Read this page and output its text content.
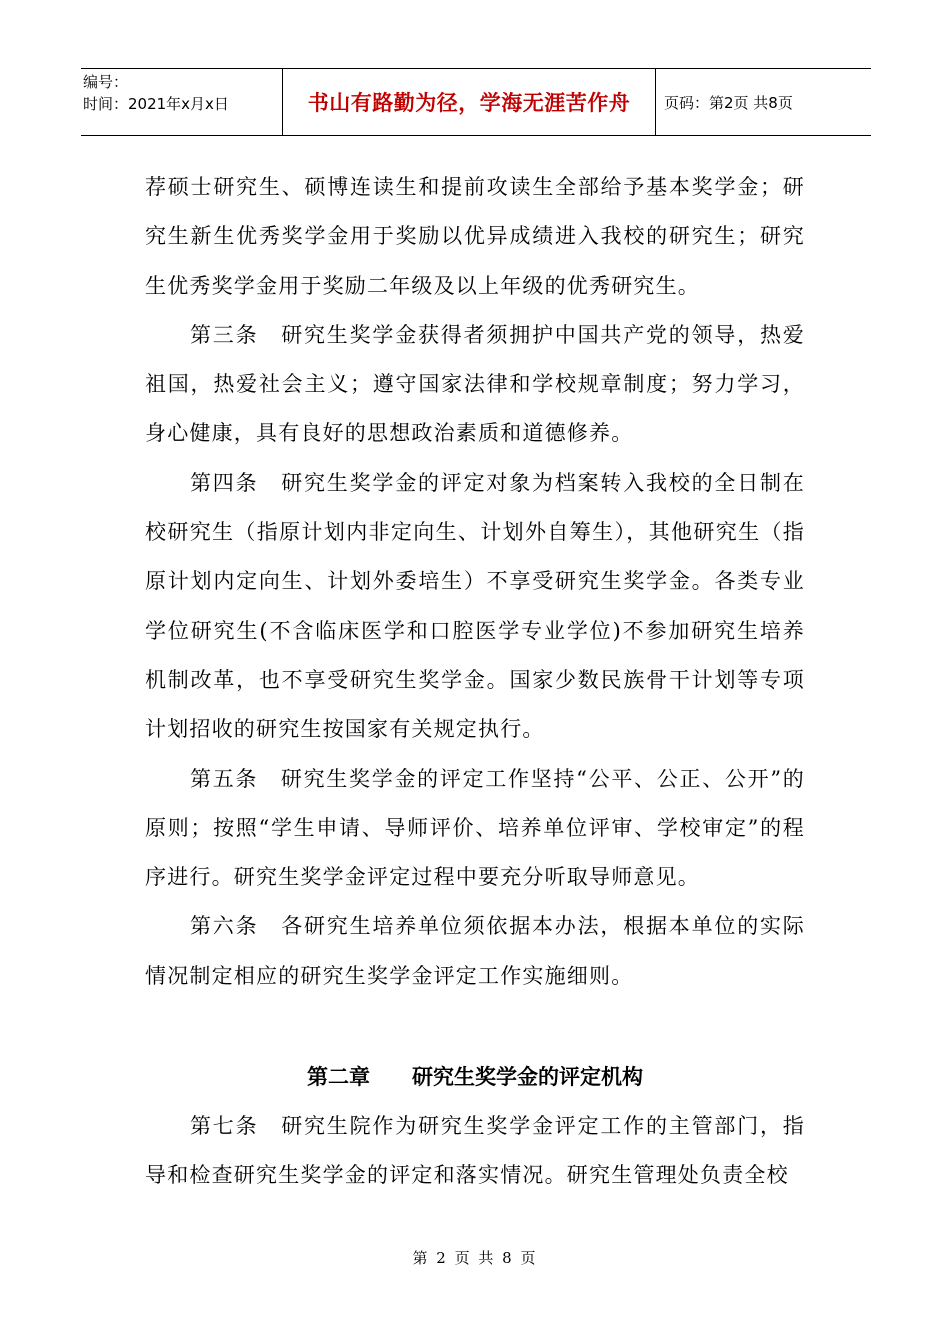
编号：
时间：2021年x月x日	书山有路勤为径，学海无涯苦作舟 页码：第2页 共8页

荐硕士研究生、硕博连读生和提前攻读生全部给予基本奖学金；研究生新生优秀奖学金用于奖励以优异成绩进入我校的研究生；研究生优秀奖学金用于奖励二年级及以上年级的优秀研究生。

第三条　研究生奖学金获得者须拥护中国共产党的领导，热爱祖国，热爱社会主义；遵守国家法律和学校规章制度；努力学习，身心健康，具有良好的思想政治素质和道德修养。

第四条　研究生奖学金的评定对象为档案转入我校的全日制在校研究生（指原计划内非定向生、计划外自筹生），其他研究生（指原计划内定向生、计划外委培生）不享受研究生奖学金。各类专业学位研究生(不含临床医学和口腔医学专业学位)不参加研究生培养机制改革，也不享受研究生奖学金。国家少数民族骨干计划等专项计划招收的研究生按国家有关规定执行。

第五条　研究生奖学金的评定工作坚持“公平、公正、公开”的原则；按照“学生申请、导师评价、培养单位评审、学校审定”的程序进行。研究生奖学金评定过程中要充分听取导师意见。

第六条　各研究生培养单位须依据本办法，根据本单位的实际情况制定相应的研究生奖学金评定工作实施细则。

第二章 研究生奖学金的评定机构

第七条　研究生院作为研究生奖学金评定工作的主管部门，指导和检查研究生奖学金的评定和落实情况。研究生管理处负责全校

第 2 页 共 8 页
